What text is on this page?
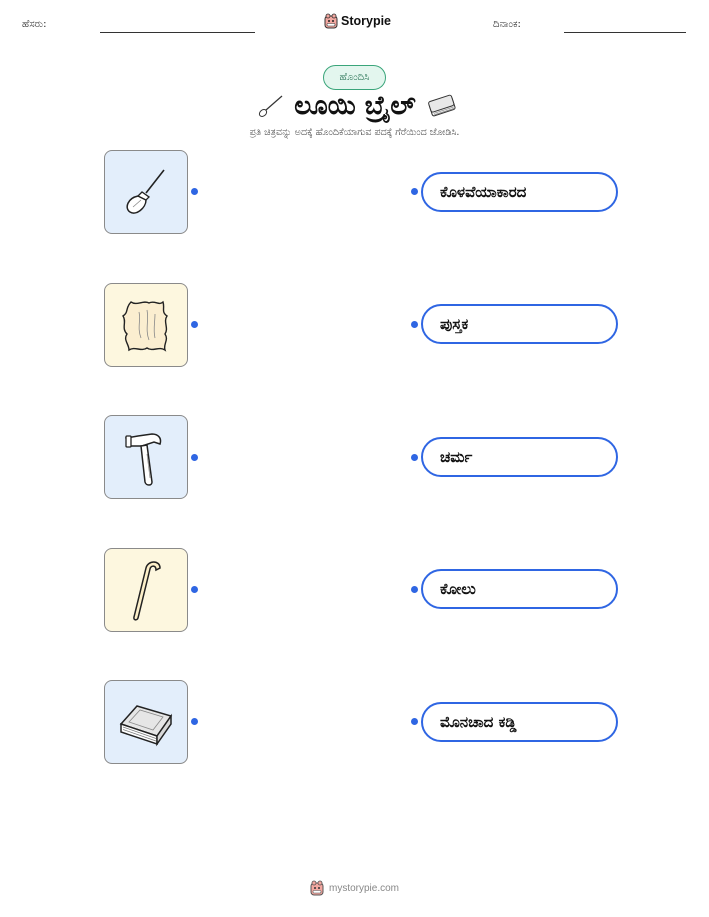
ಹೆಸರು:	Storypie	ದಿನಾಂಕ:
ಹೊಂದಿಸಿ
ಲೂಯಿ ಬ್ರೈಲ್
ಪ್ರತಿ ಚಿತ್ರವನ್ನು ಅದಕ್ಕೆ ಹೊಂದಿಕೆಯಾಗುವ ಪದಕ್ಕೆ ಗೆರೆಯಿಂದ ಜೋಡಿಸಿ.
ಕೊಳವೆಯಾಕಾರದ
ಪುಸ್ತಕ
ಚರ್ಮ
ಕೋಲು
ಮೊನಚಾದ ಕಡ್ಡಿ
mystorypie.com
